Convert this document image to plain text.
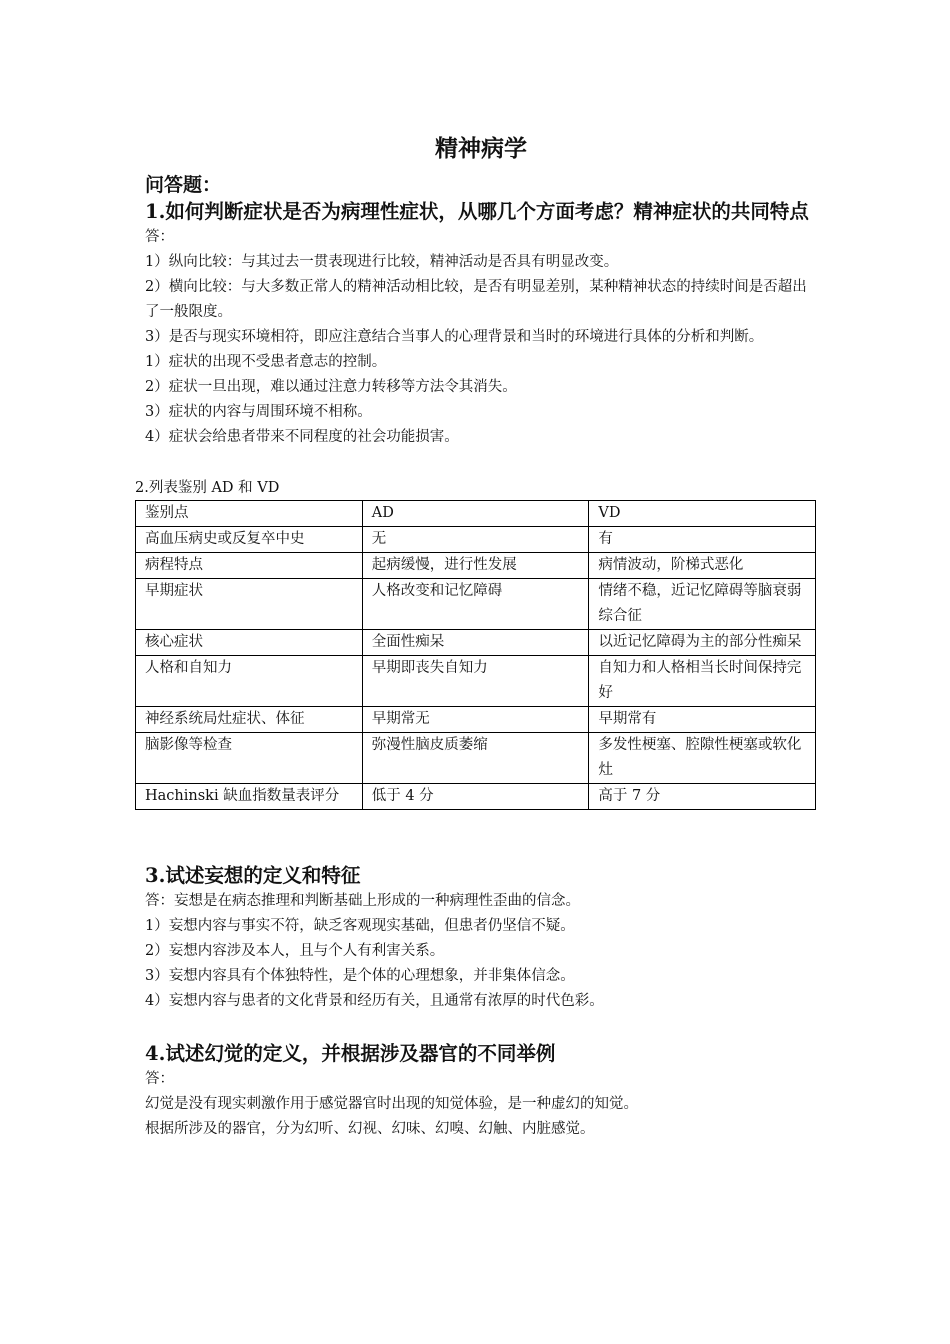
精神病学

问答题：

1.如何判断症状是否为病理性症状，从哪几个方面考虑？精神症状的共同特点

答：

1）纵向比较：与其过去一贯表现进行比较，精神活动是否具有明显改变。

2）横向比较：与大多数正常人的精神活动相比较，是否有明显差别，某种精神状态的持续时间是否超出了一般限度。

3）是否与现实环境相符，即应注意结合当事人的心理背景和当时的环境进行具体的分析和判断。

1）症状的出现不受患者意志的控制。

2）症状一旦出现，难以通过注意力转移等方法令其消失。

3）症状的内容与周围环境不相称。

4）症状会给患者带来不同程度的社会功能损害。

2.列表鉴别 AD 和 VD

鉴别点	AD	VD
高血压病史或反复卒中史	无	有
病程特点	起病缓慢，进行性发展	病情波动，阶梯式恶化
早期症状	人格改变和记忆障碍	情绪不稳，近记忆障碍等脑衰弱综合征
核心症状	全面性痴呆	以近记忆障碍为主的部分性痴呆
人格和自知力	早期即丧失自知力	自知力和人格相当长时间保持完好
神经系统局灶症状、体征	早期常无	早期常有
脑影像等检查	弥漫性脑皮质萎缩	多发性梗塞、腔隙性梗塞或软化灶
Hachinski 缺血指数量表评分	低于 4 分	高于 7 分

3.试述妄想的定义和特征

答：妄想是在病态推理和判断基础上形成的一种病理性歪曲的信念。

1）妄想内容与事实不符，缺乏客观现实基础，但患者仍坚信不疑。

2）妄想内容涉及本人，且与个人有利害关系。

3）妄想内容具有个体独特性，是个体的心理想象，并非集体信念。

4）妄想内容与患者的文化背景和经历有关，且通常有浓厚的时代色彩。

4.试述幻觉的定义，并根据涉及器官的不同举例

答：

幻觉是没有现实刺激作用于感觉器官时出现的知觉体验，是一种虚幻的知觉。

根据所涉及的器官，分为幻听、幻视、幻味、幻嗅、幻触、内脏感觉。
